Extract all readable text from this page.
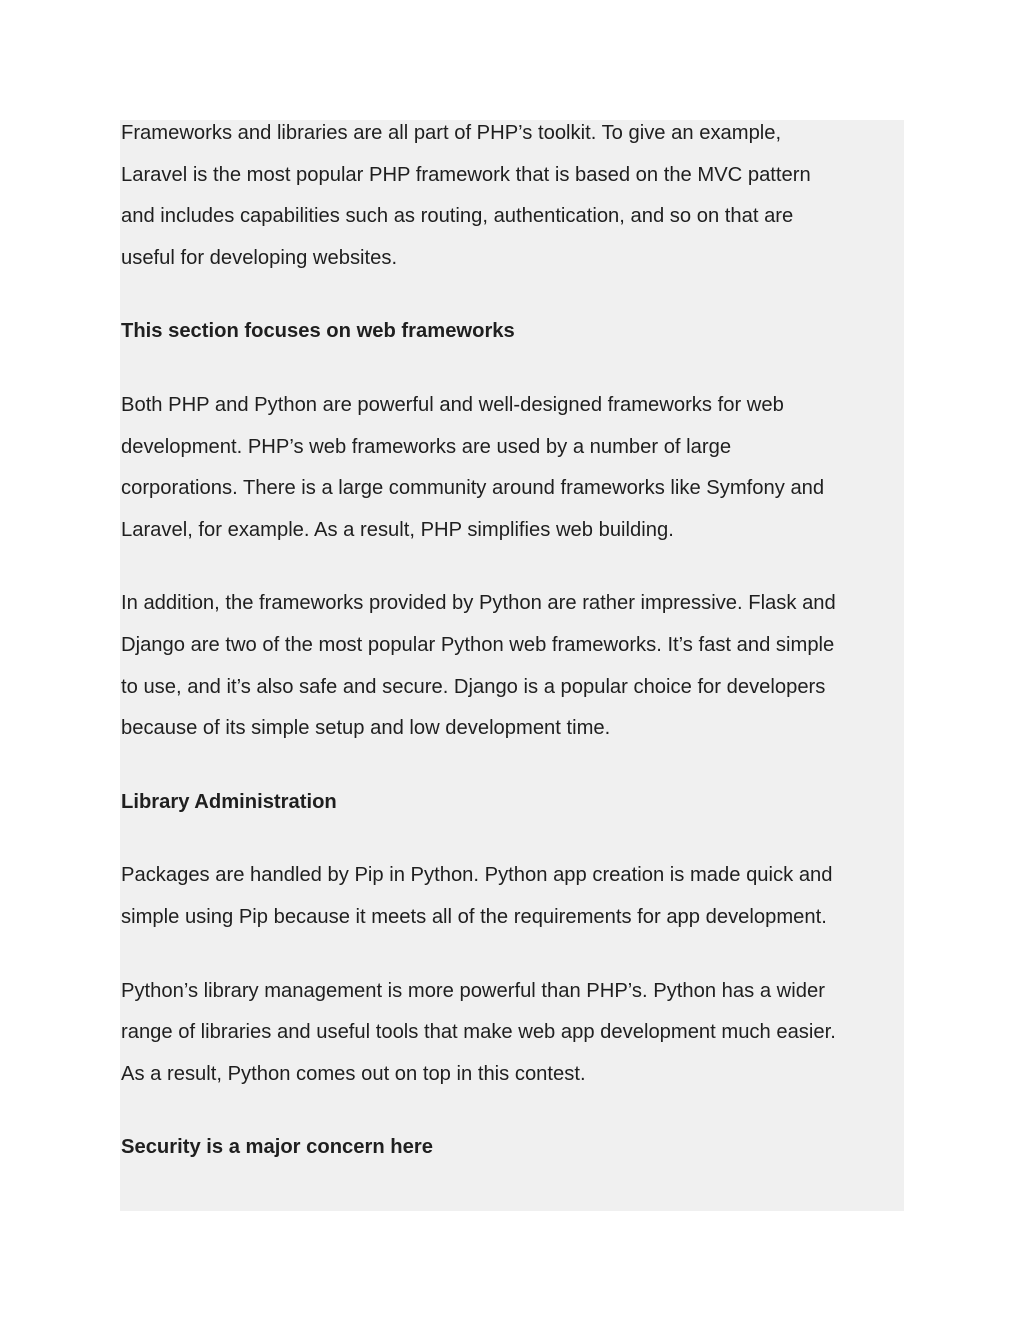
Frameworks and libraries are all part of PHP’s toolkit. To give an example,
Laravel is the most popular PHP framework that is based on the MVC pattern
and includes capabilities such as routing, authentication, and so on that are
useful for developing websites.

This section focuses on web frameworks

Both PHP and Python are powerful and well-designed frameworks for web
development. PHP’s web frameworks are used by a number of large
corporations. There is a large community around frameworks like Symfony and
Laravel, for example. As a result, PHP simplifies web building.

In addition, the frameworks provided by Python are rather impressive. Flask and
Django are two of the most popular Python web frameworks. It’s fast and simple
to use, and it’s also safe and secure. Django is a popular choice for developers
because of its simple setup and low development time.

Library Administration

Packages are handled by Pip in Python. Python app creation is made quick and
simple using Pip because it meets all of the requirements for app development.

Python’s library management is more powerful than PHP’s. Python has a wider
range of libraries and useful tools that make web app development much easier.
As a result, Python comes out on top in this contest.

Security is a major concern here
